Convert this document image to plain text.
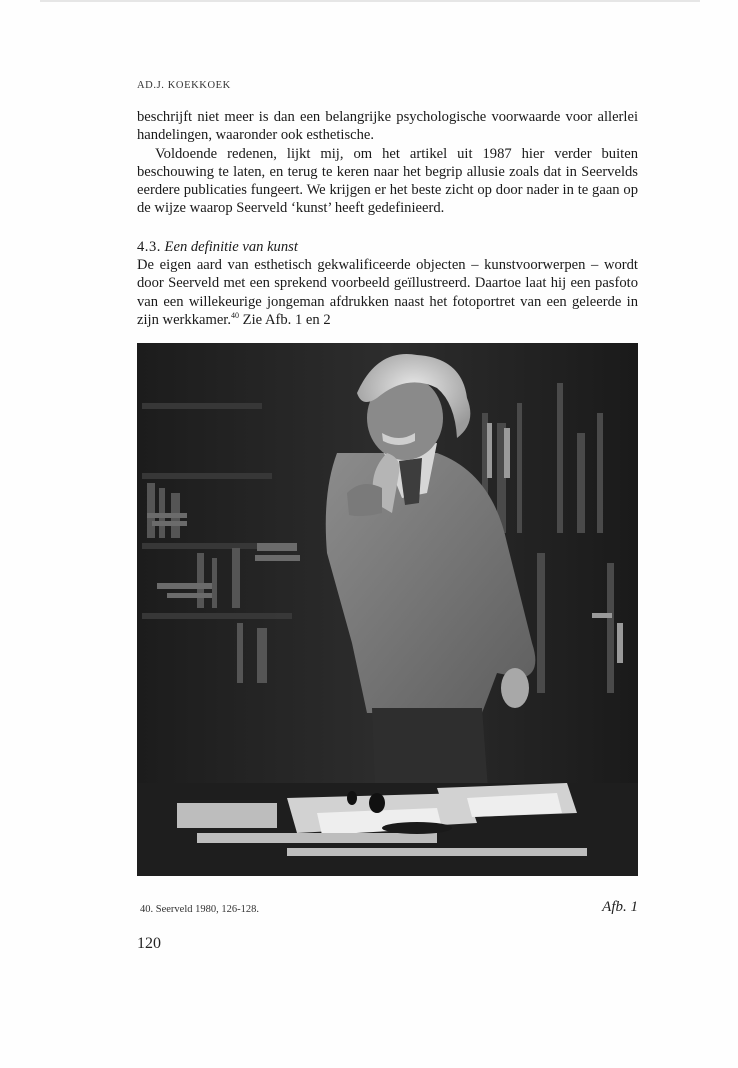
AD.J. KOEKKOEK

beschrijft niet meer is dan een belangrijke psychologische voorwaarde voor allerlei handelingen, waaronder ook esthetische.

Voldoende redenen, lijkt mij, om het artikel uit 1987 hier verder buiten beschouwing te laten, en terug te keren naar het begrip allusie zoals dat in Seervelds eerdere publicaties fungeert. We krijgen er het beste zicht op door nader in te gaan op de wijze waarop Seerveld ‘kunst’ heeft gedefinieerd.

4.3. Een definitie van kunst

De eigen aard van esthetisch gekwalificeerde objecten – kunstvoorwerpen – wordt door Seerveld met een sprekend voorbeeld geïllustreerd. Daartoe laat hij een pasfoto van een willekeurige jongeman afdrukken naast het fotoportret van een geleerde in zijn werkkamer.$^{40}$ Zie Afb. 1 en 2

40. Seerveld 1980, 126-128.	Afb. 1
120
